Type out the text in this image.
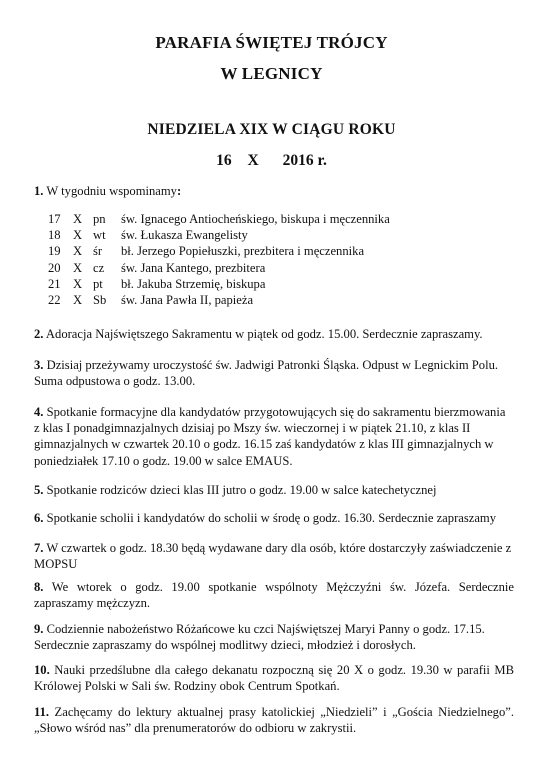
PARAFIA ŚWIĘTEJ TRÓJCY
W LEGNICY
NIEDZIELA XIX W CIĄGU ROKU
16 X 2016 r.
1. W tygodniu wspominamy:
17 X pn	św. Ignacego Antiocheńskiego, biskupa i męczennika
18 X wt	św. Łukasza Ewangelisty
19 X śr	bł. Jerzego Popiełuszki, prezbitera i męczennika
20 X cz	św. Jana Kantego, prezbitera
21 X pt	bł. Jakuba Strzemię, biskupa
22 X Sb	św. Jana Pawła II, papieża
2. Adoracja Najświętszego Sakramentu w piątek od godz. 15.00. Serdecznie zapraszamy.
3. Dzisiaj przeżywamy uroczystość św. Jadwigi Patronki Śląska. Odpust w Legnickim Polu. Suma odpustowa o godz. 13.00.
4. Spotkanie formacyjne dla kandydatów przygotowujących się do sakramentu bierzmowania z klas I ponadgimnazjalnych dzisiaj po Mszy św. wieczornej i w piątek 21.10, z klas II gimnazjalnych w czwartek 20.10 o godz. 16.15 zaś kandydatów z klas III gimnazjalnych w poniedziałek 17.10 o godz. 19.00 w salce EMAUS.
5. Spotkanie rodziców dzieci klas III jutro o godz. 19.00 w salce katechetycznej
6. Spotkanie scholii i kandydatów do scholii w środę o godz. 16.30. Serdecznie zapraszamy
7. W czwartek o godz. 18.30 będą wydawane dary dla osób, które dostarczyły zaświadczenie z MOPSU
8. We wtorek o godz. 19.00 spotkanie wspólnoty Mężczyźni św. Józefa. Serdecznie zapraszamy mężczyzn.
9. Codziennie nabożeństwo Różańcowe ku czci Najświętszej Maryi Panny o godz. 17.15. Serdecznie zapraszamy do wspólnej modlitwy dzieci, młodzież i dorosłych.
10. Nauki przedślubne dla całego dekanatu rozpoczną się 20 X o godz. 19.30 w parafii MB Królowej Polski w Sali św. Rodziny obok Centrum Spotkań.
11. Zachęcamy do lektury aktualnej prasy katolickiej „Niedzieli” i „Gościa Niedzielnego”. „Słowo wśród nas” dla prenumeratorów do odbioru w zakrystii.
